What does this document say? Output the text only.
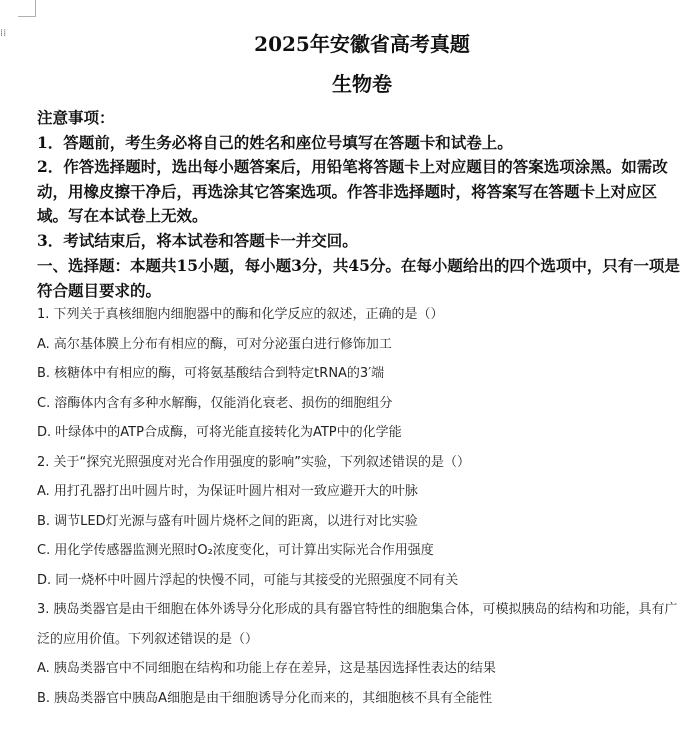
⁞⁞	2025年安徽省高考真题
生物卷

注意事项：

1．答题前，考生务必将自己的姓名和座位号填写在答题卡和试卷上。

2．作答选择题时，选出每小题答案后，用铅笔将答题卡上对应题目的答案选项涂黑。如需改动，用橡皮擦干净后，再选涂其它答案选项。作答非选择题时，将答案写在答题卡上对应区域。写在本试卷上无效。

3．考试结束后，将本试卷和答题卡一并交回。

一、选择题：本题共15小题，每小题3分，共45分。在每小题给出的四个选项中，只有一项是符合题目要求的。

1. 下列关于真核细胞内细胞器中的酶和化学反应的叙述，正确的是（）

A. 高尔基体膜上分布有相应的酶，可对分泌蛋白进行修饰加工

B. 核糖体中有相应的酶，可将氨基酸结合到特定tRNA的3′端

C. 溶酶体内含有多种水解酶，仅能消化衰老、损伤的细胞组分

D. 叶绿体中的ATP合成酶，可将光能直接转化为ATP中的化学能

2. 关于“探究光照强度对光合作用强度的影响”实验，下列叙述错误的是（）

A. 用打孔器打出叶圆片时，为保证叶圆片相对一致应避开大的叶脉

B. 调节LED灯光源与盛有叶圆片烧杯之间的距离，以进行对比实验

C. 用化学传感器监测光照时O₂浓度变化，可计算出实际光合作用强度

D. 同一烧杯中叶圆片浮起的快慢不同，可能与其接受的光照强度不同有关

3. 胰岛类器官是由干细胞在体外诱导分化形成的具有器官特性的细胞集合体，可模拟胰岛的结构和功能，具有广泛的应用价值。下列叙述错误的是（）

A. 胰岛类器官中不同细胞在结构和功能上存在差异，这是基因选择性表达的结果

B. 胰岛类器官中胰岛A细胞是由干细胞诱导分化而来的，其细胞核不具有全能性
